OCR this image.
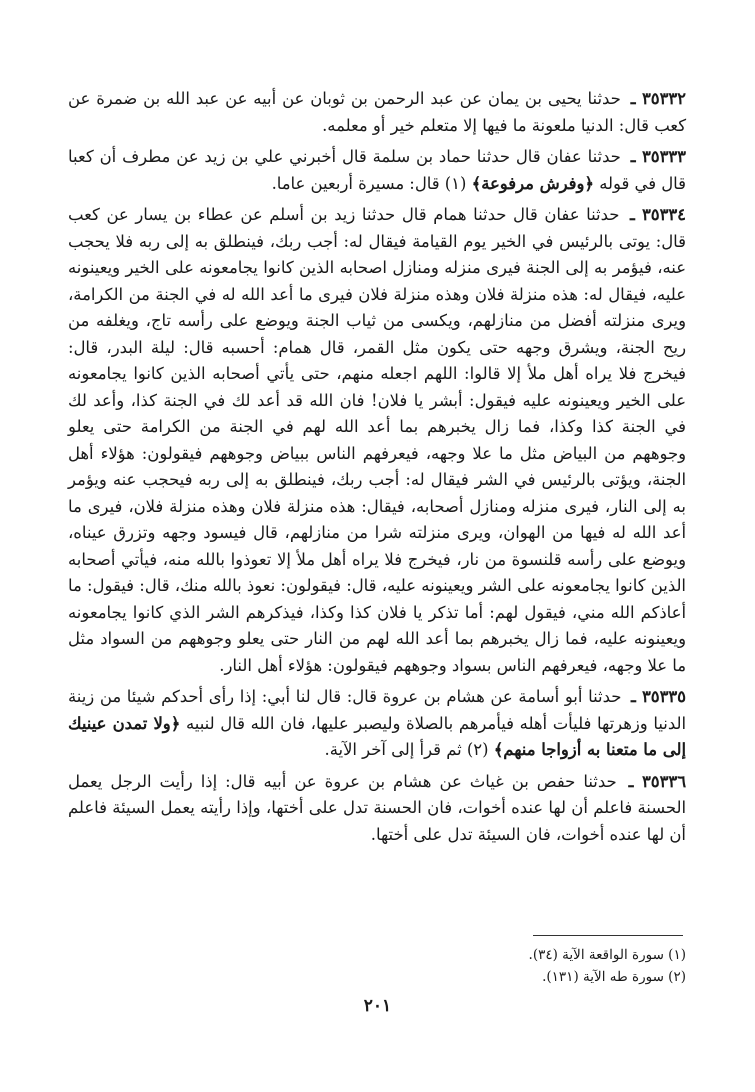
٣٥٣٣٢ ـ حدثنا يحيى بن يمان عن عبد الرحمن بن ثوبان عن أبيه عن عبد الله بن ضمرة عن كعب قال: الدنيا ملعونة ما فيها إلا متعلم خير أو معلمه.

٣٥٣٣٣ ـ حدثنا عفان قال حدثنا حماد بن سلمة قال أخبرني علي بن زيد عن مطرف أن كعبا قال في قوله ﴿وفرش مرفوعة﴾ (١) قال: مسيرة أربعين عاما.

٣٥٣٣٤ ـ حدثنا عفان قال حدثنا همام قال حدثنا زيد بن أسلم عن عطاء بن يسار عن كعب قال: يوتى بالرئيس في الخير يوم القيامة فيقال له: أجب ربك، فينطلق به إلى ربه فلا يحجب عنه، فيؤمر به إلى الجنة فيرى منزله ومنازل اصحابه الذين كانوا يجامعونه على الخير ويعينونه عليه، فيقال له: هذه منزلة فلان وهذه منزلة فلان فيرى ما أعد الله له في الجنة من الكرامة، ويرى منزلته أفضل من منازلهم، ويكسى من ثياب الجنة ويوضع على رأسه تاج، ويغلفه من ريح الجنة، ويشرق وجهه حتى يكون مثل القمر، قال همام: أحسبه قال: ليلة البدر، قال: فيخرج فلا يراه أهل ملأ إلا قالوا: اللهم اجعله منهم، حتى يأتي أصحابه الذين كانوا يجامعونه على الخير ويعينونه عليه فيقول: أبشر يا فلان! فان الله قد أعد لك في الجنة كذا، وأعد لك في الجنة كذا وكذا، فما زال يخبرهم بما أعد الله لهم في الجنة من الكرامة حتى يعلو وجوههم من البياض مثل ما علا وجهه، فيعرفهم الناس ببياض وجوههم فيقولون: هؤلاء أهل الجنة، ويؤتى بالرئيس في الشر فيقال له: أجب ربك، فينطلق به إلى ربه فيحجب عنه ويؤمر به إلى النار، فيرى منزله ومنازل أصحابه، فيقال: هذه منزلة فلان وهذه منزلة فلان، فيرى ما أعد الله له فيها من الهوان، ويرى منزلته شرا من منازلهم، قال فيسود وجهه وتزرق عيناه، ويوضع على رأسه قلنسوة من نار، فيخرج فلا يراه أهل ملأ إلا تعوذوا بالله منه، فيأتي أصحابه الذين كانوا يجامعونه على الشر ويعينونه عليه، قال: فيقولون: نعوذ بالله منك، قال: فيقول: ما أعاذكم الله مني، فيقول لهم: أما تذكر يا فلان كذا وكذا، فيذكرهم الشر الذي كانوا يجامعونه ويعينونه عليه، فما زال يخبرهم بما أعد الله لهم من النار حتى يعلو وجوههم من السواد مثل ما علا وجهه، فيعرفهم الناس بسواد وجوههم فيقولون: هؤلاء أهل النار.

٣٥٣٣٥ ـ حدثنا أبو أسامة عن هشام بن عروة قال: قال لنا أبي: إذا رأى أحدكم شيئا من زينة الدنيا وزهرتها فليأت أهله فيأمرهم بالصلاة وليصبر عليها، فان الله قال لنبيه ﴿ولا تمدن عينيك إلى ما متعنا به أزواجا منهم﴾ (٢) ثم قرأ إلى آخر الآية.

٣٥٣٣٦ ـ حدثنا حفص بن غياث عن هشام بن عروة عن أبيه قال: إذا رأيت الرجل يعمل الحسنة فاعلم أن لها عنده أخوات، فان الحسنة تدل على أختها، وإذا رأيته يعمل السيئة فاعلم أن لها عنده أخوات، فان السيئة تدل على أختها.

(١) سورة الواقعة الآية (٣٤).

(٢) سورة طه الآية (١٣١).

٢٠١
